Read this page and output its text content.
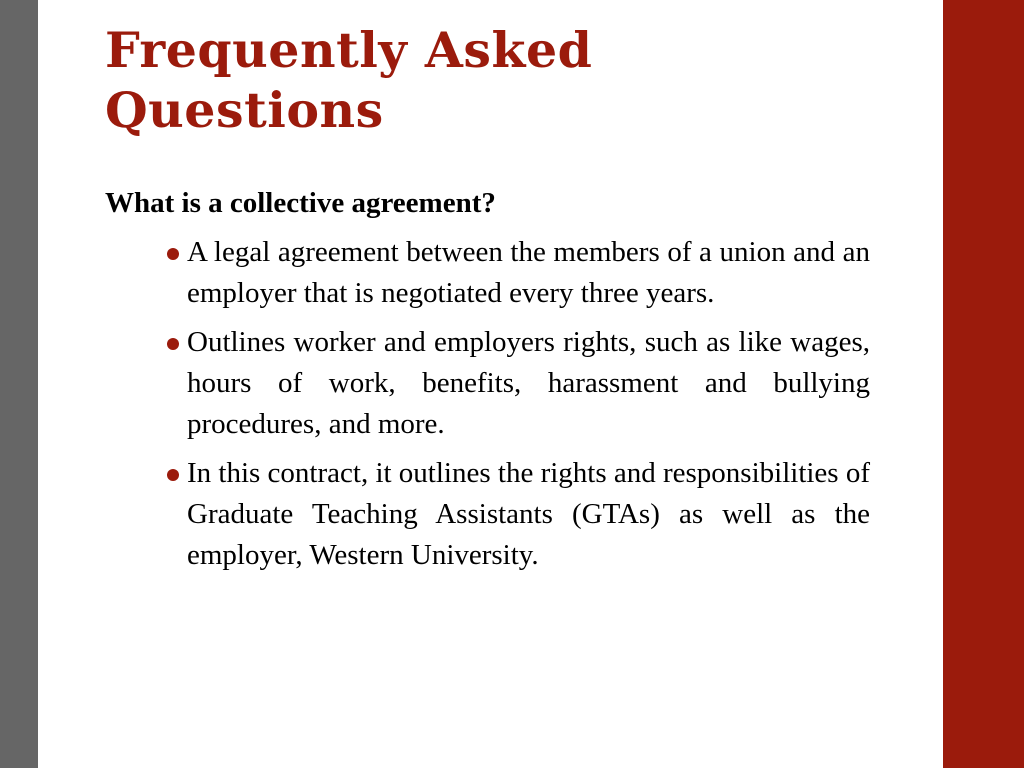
Frequently Asked
Questions

What is a collective agreement?

A legal agreement between the members of a union and an employer that is negotiated every three years.
Outlines worker and employers rights, such as like wages, hours of work, benefits, harassment and bullying procedures, and more.
In this contract, it outlines the rights and responsibilities of Graduate Teaching Assistants (GTAs) as well as the employer, Western University.
